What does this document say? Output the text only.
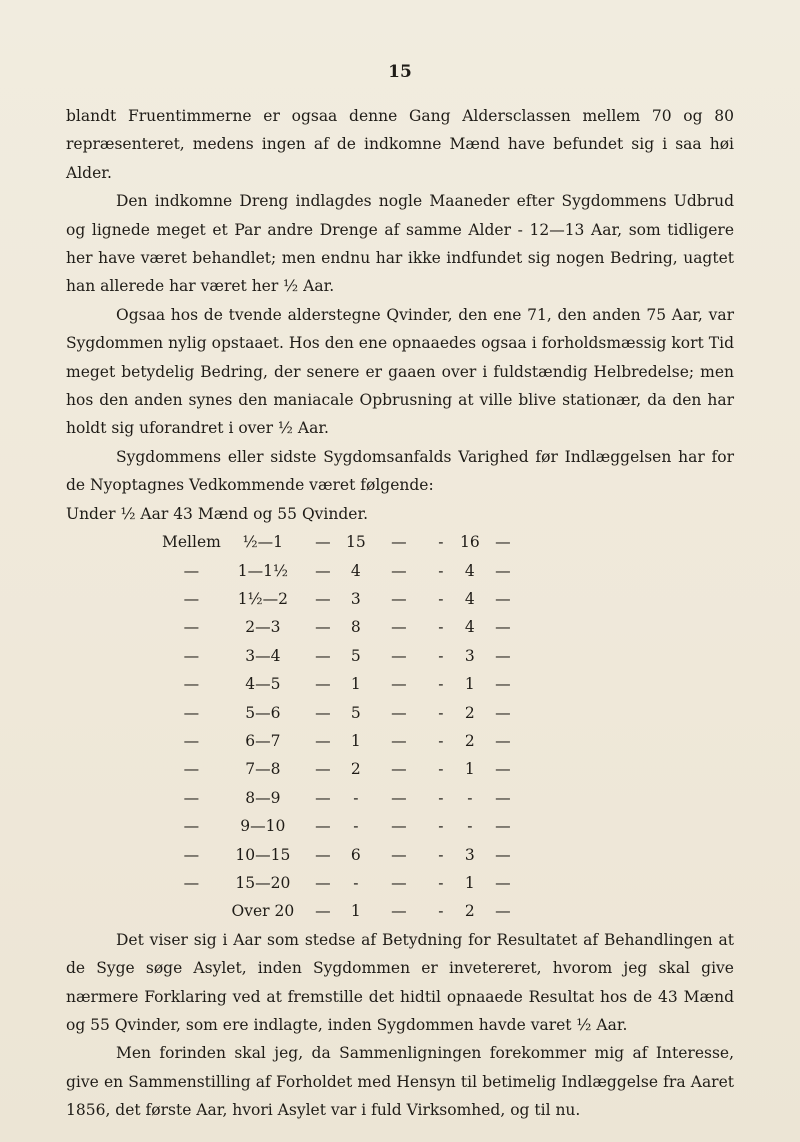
15

blandt Fruentimmerne er ogsaa denne Gang Aldersclassen mellem 70 og 80 repræsenteret, medens ingen af de indkomne Mænd have befundet sig i saa høi Alder.

Den indkomne Dreng indlagdes nogle Maaneder efter Sygdommens Udbrud og lignede meget et Par andre Drenge af samme Alder - 12—13 Aar, som tidligere her have været behandlet; men endnu har ikke indfundet sig nogen Bedring, uagtet han allerede har været her ½ Aar.

Ogsaa hos de tvende alderstegne Qvinder, den ene 71, den anden 75 Aar, var Sygdommen nylig opstaaet. Hos den ene opnaaedes ogsaa i forholdsmæssig kort Tid meget betydelig Bedring, der senere er gaaen over i fuldstændig Helbredelse; men hos den anden synes den maniacale Opbrusning at ville blive stationær, da den har holdt sig uforandret i over ½ Aar.

Sygdommens eller sidste Sygdomsanfalds Varighed før Indlæggelsen har for de Nyoptagnes Vedkommende været følgende:

Under ½ Aar 43 Mænd og 55 Qvinder.

Mellem	½—1	—	15	—	-	16	—
—	1—1½	—	4	—	-	4	—
—	1½—2	—	3	—	-	4	—
—	2—3	—	8	—	-	4	—
—	3—4	—	5	—	-	3	—
—	4—5	—	1	—	-	1	—
—	5—6	—	5	—	-	2	—
—	6—7	—	1	—	-	2	—
—	7—8	—	2	—	-	1	—
—	8—9	—	-	—	-	-	—
—	9—10	—	-	—	-	-	—
—	10—15	—	6	—	-	3	—
—	15—20	—	-	—	-	1	—
	Over 20	—	1	—	-	2	—

Det viser sig i Aar som stedse af Betydning for Resultatet af Behandlingen at de Syge søge Asylet, inden Sygdommen er invetereret, hvorom jeg skal give nærmere Forklaring ved at fremstille det hidtil opnaaede Resultat hos de 43 Mænd og 55 Qvinder, som ere indlagte, inden Sygdommen havde varet ½ Aar.

Men forinden skal jeg, da Sammenligningen forekommer mig af Interesse, give en Sammenstilling af Forholdet med Hensyn til betimelig Indlæggelse fra Aaret 1856, det første Aar, hvori Asylet var i fuld Virksomhed, og til nu.
